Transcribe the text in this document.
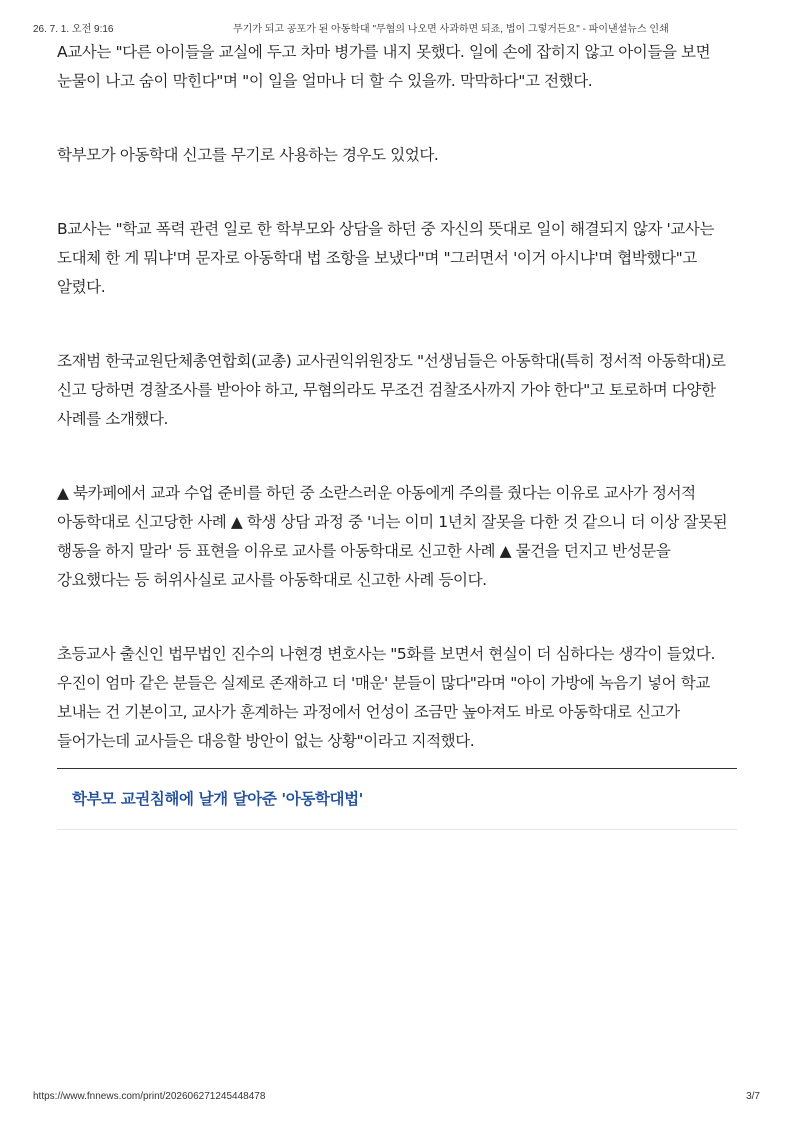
26. 7. 1. 오전 9:16	무기가 되고 공포가 된 아동학대 "무혐의 나오면 사과하면 되죠, 법이 그렇거든요" - 파이낸셜뉴스 인쇄

A교사는 "다른 아이들을 교실에 두고 차마 병가를 내지 못했다. 일에 손에 잡히지 않고 아이들을 보면 눈물이 나고 숨이 막힌다"며 "이 일을 얼마나 더 할 수 있을까. 막막하다"고 전했다.

학부모가 아동학대 신고를 무기로 사용하는 경우도 있었다.

B교사는 "학교 폭력 관련 일로 한 학부모와 상담을 하던 중 자신의 뜻대로 일이 해결되지 않자 '교사는 도대체 한 게 뭐냐'며 문자로 아동학대 법 조항을 보냈다"며 "그러면서 '이거 아시냐'며 협박했다"고 알렸다.

조재범 한국교원단체총연합회(교총) 교사권익위원장도 "선생님들은 아동학대(특히 정서적 아동학대)로 신고 당하면 경찰조사를 받아야 하고, 무혐의라도 무조건 검찰조사까지 가야 한다"고 토로하며 다양한 사례를 소개했다.

▲ 북카페에서 교과 수업 준비를 하던 중 소란스러운 아동에게 주의를 줬다는 이유로 교사가 정서적 아동학대로 신고당한 사례 ▲ 학생 상담 과정 중 '너는 이미 1년치 잘못을 다한 것 같으니 더 이상 잘못된 행동을 하지 말라' 등 표현을 이유로 교사를 아동학대로 신고한 사례 ▲ 물건을 던지고 반성문을 강요했다는 등 허위사실로 교사를 아동학대로 신고한 사례 등이다.

초등교사 출신인 법무법인 진수의 나현경 변호사는 "5화를 보면서 현실이 더 심하다는 생각이 들었다. 우진이 엄마 같은 분들은 실제로 존재하고 더 '매운' 분들이 많다"라며 "아이 가방에 녹음기 넣어 학교 보내는 건 기본이고, 교사가 훈계하는 과정에서 언성이 조금만 높아져도 바로 아동학대로 신고가 들어가는데 교사들은 대응할 방안이 없는 상황"이라고 지적했다.

학부모 교권침해에 날개 달아준 '아동학대법'
https://www.fnnews.com/print/202606271245448478	3/7
